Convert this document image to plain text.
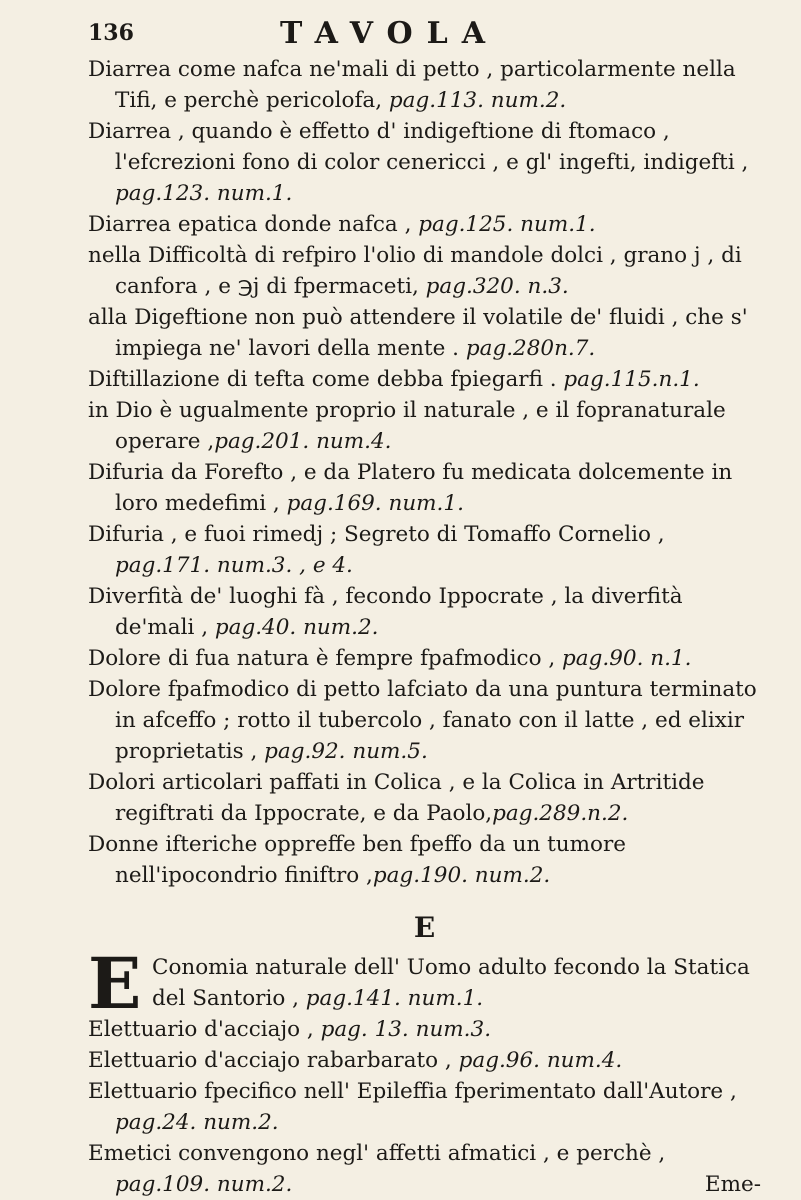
136	TAVOLA

Diarrea come nafca ne'mali di petto , particolarmente nella Tifi, e perchè pericolofa, pag.113. num.2.

Diarrea , quando è effetto d' indigeftione di ftomaco , l'efcrezioni fono di color cenericci , e gl' ingefti, indigefti , pag.123. num.1.

Diarrea epatica donde nafca , pag.125. num.1.

nella Difficoltà di refpiro l'olio di mandole dolci , grano j , di canfora , e ℈j di fpermaceti, pag.320. n.3.

alla Digeftione non può attendere il volatile de' fluidi , che s' impiega ne' lavori della mente . pag.280n.7.

Diftillazione di tefta come debba fpiegarfi . pag.115.n.1.

in Dio è ugualmente proprio il naturale , e il fopranaturale operare ,pag.201. num.4.

Difuria da Forefto , e da Platero fu medicata dolcemente in loro medefimi , pag.169. num.1.

Difuria , e fuoi rimedj ; Segreto di Tomaffo Cornelio , pag.171. num.3. , e 4.

Diverfità de' luoghi fà , fecondo Ippocrate , la diverfità de'mali , pag.40. num.2.

Dolore di fua natura è fempre fpafmodico , pag.90. n.1.

Dolore fpafmodico di petto lafciato da una puntura terminato in afceffo ; rotto il tubercolo , fanato con il latte , ed elixir proprietatis , pag.92. num.5.

Dolori articolari paffati in Colica , e la Colica in Artritide regiftrati da Ippocrate, e da Paolo,pag.289.n.2.

Donne ifteriche oppreffe ben fpeffo da un tumore nell'ipocondrio finiftro ,pag.190. num.2.

E

E Conomia naturale dell' Uomo adulto fecondo la Statica del Santorio , pag.141. num.1.

Elettuario d'acciajo , pag. 13. num.3.

Elettuario d'acciajo rabarbarato , pag.96. num.4.

Elettuario fpecifico nell' Epileffia fperimentato dall'Autore , pag.24. num.2.

Emetici convengono negl' affetti afmatici , e perchè ,

pag.109. num.2.	Eme-
